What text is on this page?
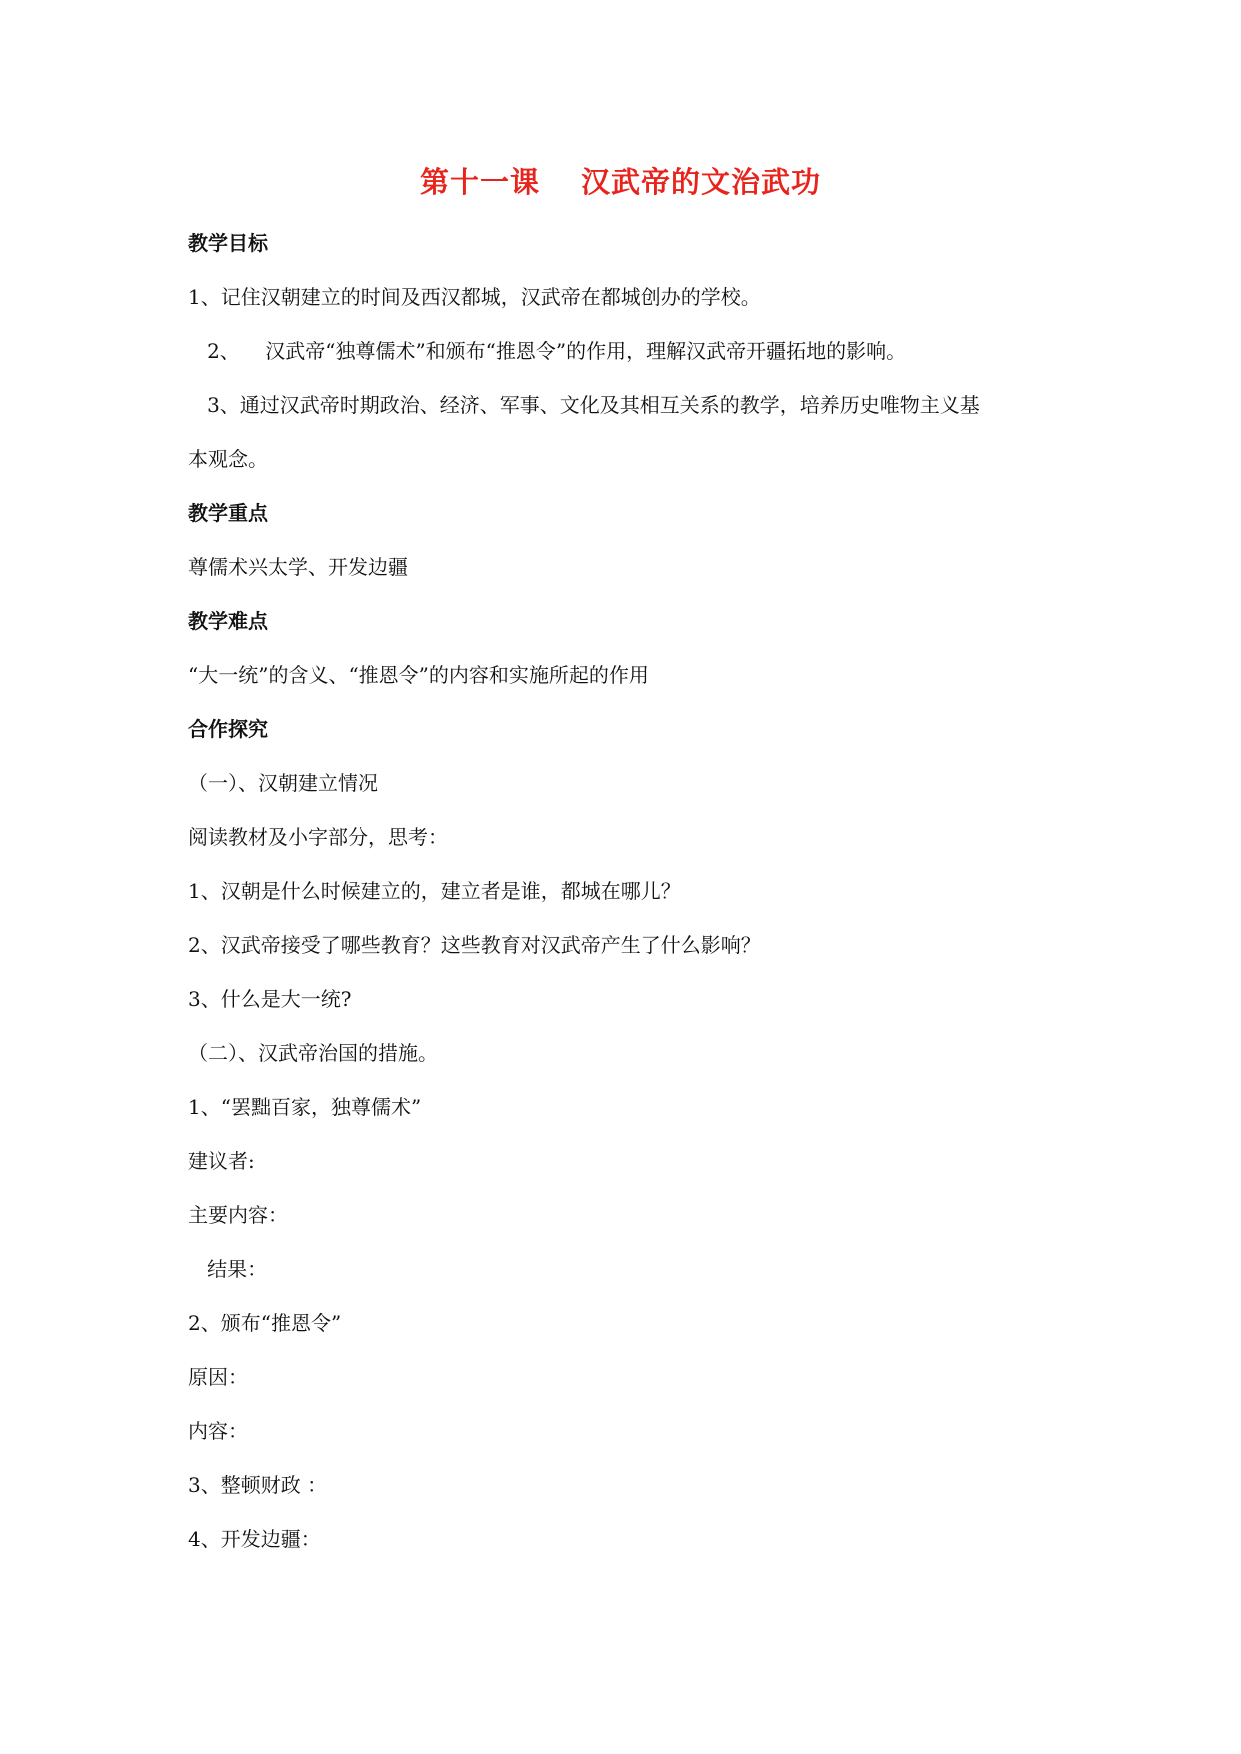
第十一课　 汉武帝的文治武功
教学目标
1、记住汉朝建立的时间及西汉都城，汉武帝在都城创办的学校。
2、    汉武帝“独尊儒术”和颁布“推恩令”的作用，理解汉武帝开疆拓地的影响。
3、通过汉武帝时期政治、经济、军事、文化及其相互关系的教学，培养历史唯物主义基
本观念。
教学重点
尊儒术兴太学、开发边疆
教学难点
“大一统”的含义、“推恩令”的内容和实施所起的作用
合作探究
（一）、汉朝建立情况
阅读教材及小字部分，思考：
1、汉朝是什么时候建立的，建立者是谁，都城在哪儿？
2、汉武帝接受了哪些教育？这些教育对汉武帝产生了什么影响？
3、什么是大一统?
（二）、汉武帝治国的措施。
1、“罢黜百家，独尊儒术”
建议者:
主要内容：
结果：
2、颁布“推恩令”
原因：
内容：
3、整顿财政 ：
4、开发边疆：
